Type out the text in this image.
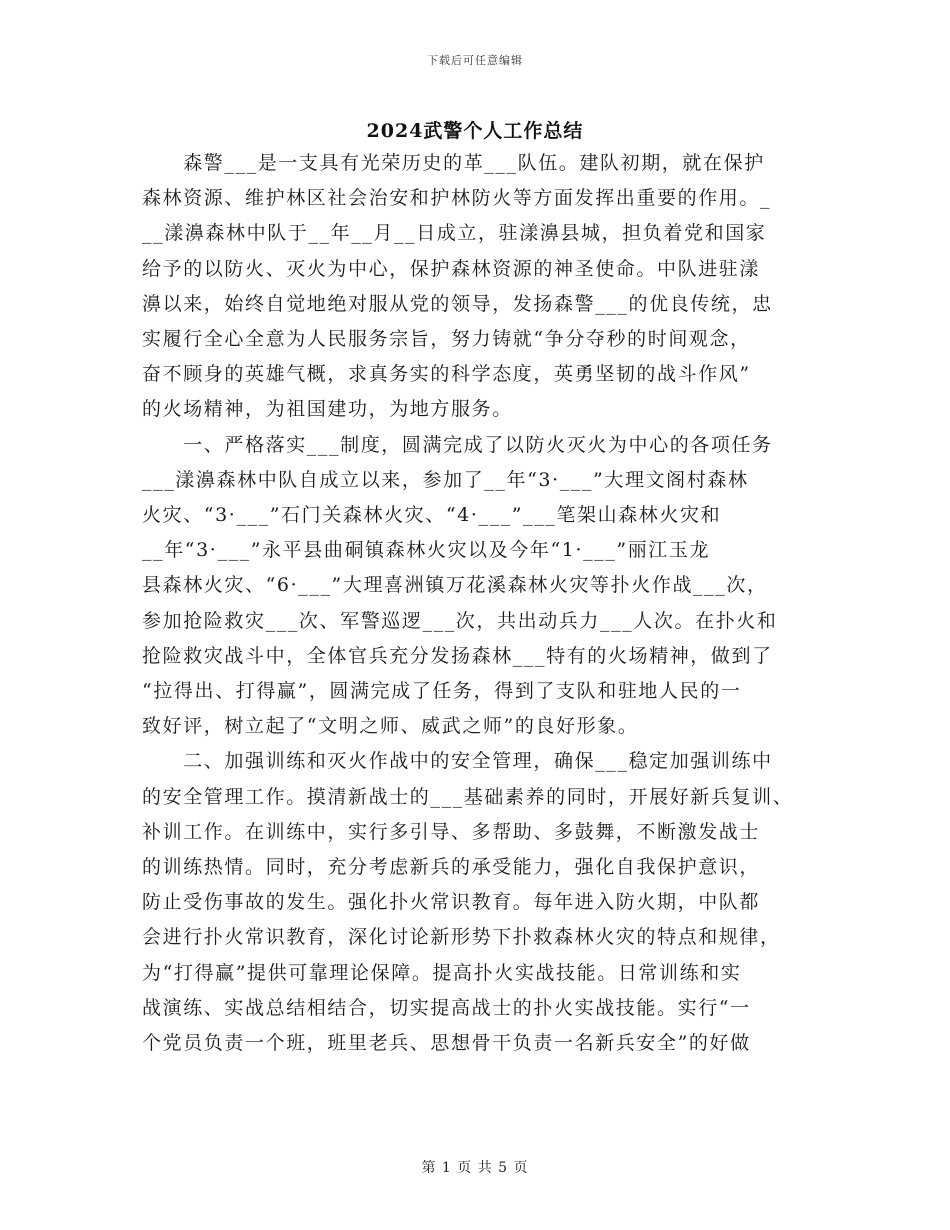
下载后可任意编辑
2024武警个人工作总结

　　森警___是一支具有光荣历史的革___队伍。建队初期，就在保护
森林资源、维护林区社会治安和护林防火等方面发挥出重要的作用。_
__漾濞森林中队于__年__月__日成立，驻漾濞县城，担负着党和国家
给予的以防火、灭火为中心，保护森林资源的神圣使命。中队进驻漾
濞以来，始终自觉地绝对服从党的领导，发扬森警___的优良传统，忠
实履行全心全意为人民服务宗旨，努力铸就“争分夺秒的时间观念，
奋不顾身的英雄气概，求真务实的科学态度，英勇坚韧的战斗作风”
的火场精神，为祖国建功，为地方服务。

　　一、严格落实___制度，圆满完成了以防火灭火为中心的各项任务
___漾濞森林中队自成立以来，参加了__年“3·___”大理文阁村森林
火灾、“3·___”石门关森林火灾、“4·___”___笔架山森林火灾和
__年“3·___”永平县曲硐镇森林火灾以及今年“1·___”丽江玉龙
县森林火灾、“6·___”大理喜洲镇万花溪森林火灾等扑火作战___次，
参加抢险救灾___次、军警巡逻___次，共出动兵力___人次。在扑火和
抢险救灾战斗中，全体官兵充分发扬森林___特有的火场精神，做到了
“拉得出、打得赢”，圆满完成了任务，得到了支队和驻地人民的一
致好评，树立起了“文明之师、威武之师”的良好形象。

　　二、加强训练和灭火作战中的安全管理，确保___稳定加强训练中
的安全管理工作。摸清新战士的___基础素养的同时，开展好新兵复训、
补训工作。在训练中，实行多引导、多帮助、多鼓舞，不断激发战士
的训练热情。同时，充分考虑新兵的承受能力，强化自我保护意识，
防止受伤事故的发生。强化扑火常识教育。每年进入防火期，中队都
会进行扑火常识教育，深化讨论新形势下扑救森林火灾的特点和规律，
为“打得赢”提供可靠理论保障。提高扑火实战技能。日常训练和实
战演练、实战总结相结合，切实提高战士的扑火实战技能。实行“一
个党员负责一个班，班里老兵、思想骨干负责一名新兵安全”的好做

第 1 页 共 5 页
